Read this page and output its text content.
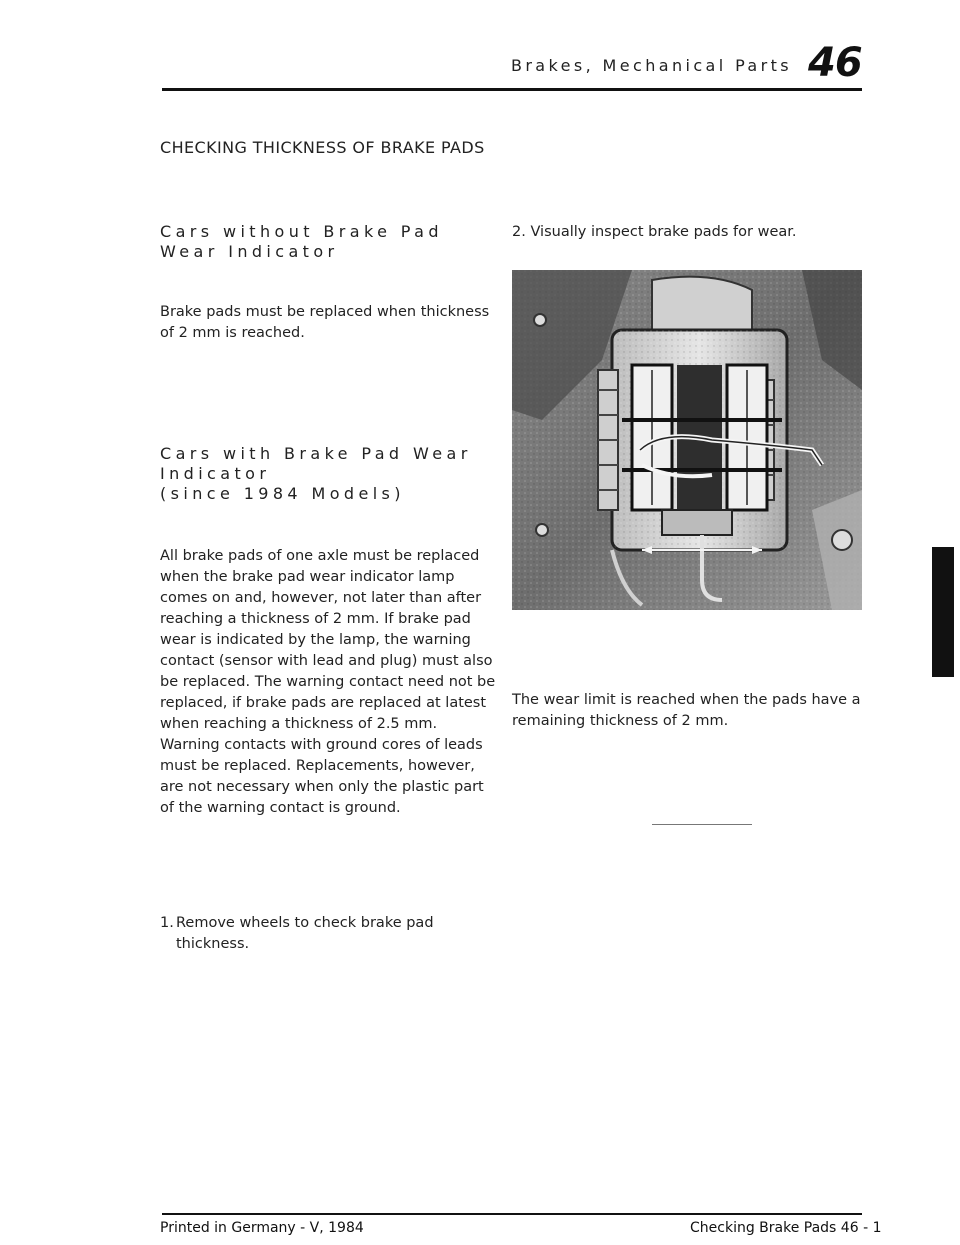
Brakes, Mechanical Parts 46
CHECKING THICKNESS OF BRAKE PADS
Cars without Brake Pad Wear Indicator
Brake pads must be replaced when thickness of 2 mm is reached.
Cars with Brake Pad Wear
Indicator
(since 1984 Models)
All brake pads of one axle must be replaced when the brake pad wear indicator lamp comes on and, however, not later than after reaching a thickness of 2 mm. If brake pad wear is indicated by the lamp, the warning contact (sensor with lead and plug) must also be replaced. The warning contact need not be replaced, if brake pads are replaced at latest when reaching a thickness of 2.5 mm.
Warning contacts with ground cores of leads must be replaced. Replacements, however, are not necessary when only the plastic part of the warning contact is ground.
1. Remove wheels to check brake pad thickness.
2. Visually inspect brake pads for wear.
The wear limit is reached when the pads have a remaining thickness of 2 mm.
Printed in Germany - V, 1984	Checking Brake Pads 46 - 1
